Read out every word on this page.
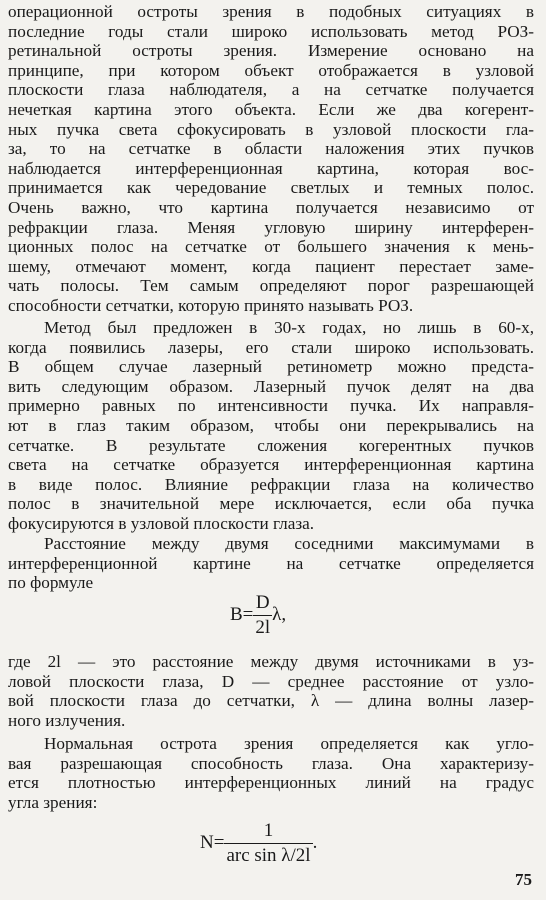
операционной остроты зрения в подобных ситуациях в
последние годы стали широко использовать метод РОЗ-
ретинальной остроты зрения. Измерение основано на
принципе, при котором объект отображается в узловой
плоскости глаза наблюдателя, а на сетчатке получается
нечеткая картина этого объекта. Если же два когерент-
ных пучка света сфокусировать в узловой плоскости гла-
за, то на сетчатке в области наложения этих пучков
наблюдается интерференционная картина, которая вос-
принимается как чередование светлых и темных полос.
Очень важно, что картина получается независимо от
рефракции глаза. Меняя угловую ширину интерферен-
ционных полос на сетчатке от большего значения к мень-
шему, отмечают момент, когда пациент перестает заме-
чать полосы. Тем самым определяют порог разрешающей
способности сетчатки, которую принято называть РОЗ.
Метод был предложен в 30-х годах, но лишь в 60-х,
когда появились лазеры, его стали широко использовать.
В общем случае лазерный ретинометр можно предста-
вить следующим образом. Лазерный пучок делят на два
примерно равных по интенсивности пучка. Их направля-
ют в глаз таким образом, чтобы они перекрывались на
сетчатке. В результате сложения когерентных пучков
света на сетчатке образуется интерференционная картина
в виде полос. Влияние рефракции глаза на количество
полос в значительной мере исключается, если оба пучка
фокусируются в узловой плоскости глаза.
Расстояние между двумя соседними максимумами в
интерференционной картине на сетчатке определяется
по формуле
где 2l — это расстояние между двумя источниками в уз-
ловой плоскости глаза, D — среднее расстояние от узло-
вой плоскости глаза до сетчатки, λ — длина волны лазер-
ного излучения.
Нормальная острота зрения определяется как угло-
вая разрешающая способность глаза. Она характеризу-
ется плотностью интерференционных линий на градус
угла зрения:
$B= \frac{D}{2l} \lambda$,
$N= \frac{1}{\text{arc sin λ/2l}}$ .
75
